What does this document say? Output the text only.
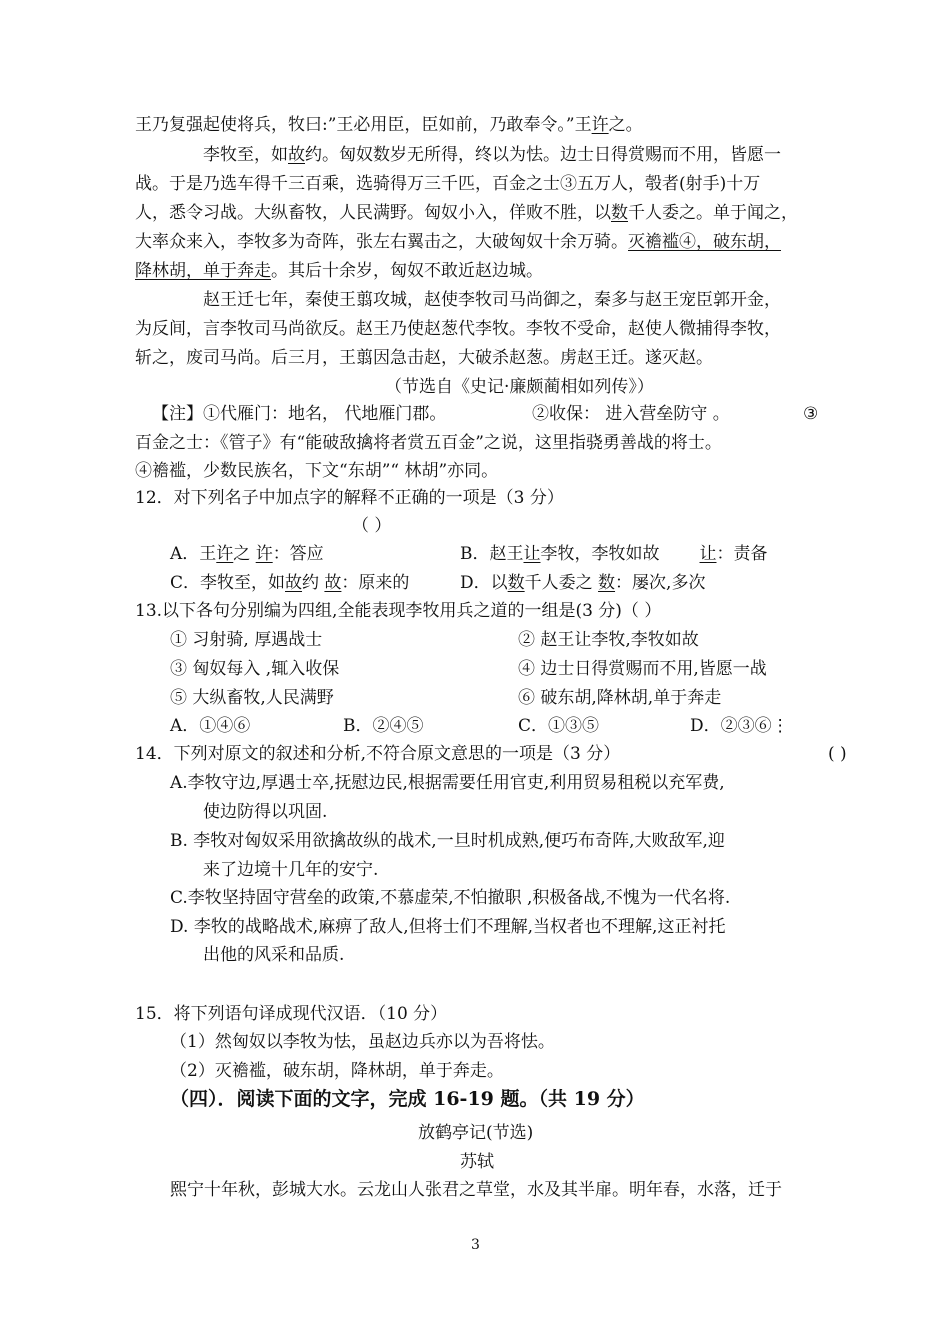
王乃复强起使将兵，牧曰:”王必用臣，臣如前，乃敢奉令。”王许之。
李牧至，如故约。匈奴数岁无所得，终以为怯。边士日得赏赐而不用，皆愿一
战。于是乃选车得千三百乘，选骑得万三千匹，百金之士③五万人，彀者(射手)十万
人，悉令习战。大纵畜牧，人民满野。匈奴小入，佯败不胜，以数千人委之。单于闻之，
大率众来入，李牧多为奇阵，张左右翼击之，大破匈奴十余万骑。灭襜褴④，破东胡，
降林胡，单于奔走。其后十余岁，匈奴不敢近赵边城。
赵王迁七年，秦使王翦攻城，赵使李牧司马尚御之，秦多与赵王宠臣郭开金，
为反间，言李牧司马尚欲反。赵王乃使赵葱代李牧。李牧不受命，赵使人微捕得李牧，
斩之，废司马尚。后三月，王翦因急击赵，大破杀赵葱。虏赵王迁。遂灭赵。
（节选自《史记·廉颇蔺相如列传》）
【注】①代雁门：地名， 代地雁门郡。	②收保： 进入营垒防守 。	③
百金之士：《管子》有“能破敌擒将者赏五百金”之说，这里指骁勇善战的将士。
④襜褴，少数民族名，下文“东胡”“ 林胡”亦同。
12．对下列名子中加点字的解释不正确的一项是（3 分）
（ ）
A．王许之 许：答应	B．赵王让李牧，李牧如故 让：责备
C．李牧至，如故约 故：原来的	D．以数千人委之 数：屡次,多次
13.以下各句分别编为四组,全能表现李牧用兵之道的一组是(3 分)（ ）
① 习射骑, 厚遇战士	② 赵王让李牧,李牧如故
③ 匈奴每入 ,辄入收保	④ 边士日得赏赐而不用,皆愿一战
⑤ 大纵畜牧,人民满野	⑥ 破东胡,降林胡,单于奔走
A．①④⑥	B．②④⑤	C．①③⑤	D．②③⑥⋮
14．下列对原文的叙述和分析,不符合原文意思的一项是（3 分）	( )
A.李牧守边,厚遇士卒,抚慰边民,根据需要任用官吏,利用贸易租税以充军费,
使边防得以巩固.
B. 李牧对匈奴采用欲擒故纵的战术,一旦时机成熟,便巧布奇阵,大败敌军,迎
来了边境十几年的安宁.
C.李牧坚持固守营垒的政策,不慕虚荣,不怕撤职 ,积极备战,不愧为一代名将.
D. 李牧的战略战术,麻痹了敌人,但将士们不理解,当权者也不理解,这正衬托
出他的风采和品质.
15．将下列语句译成现代汉语．（10 分）
（1）然匈奴以李牧为怯，虽赵边兵亦以为吾将怯。
（2）灭襜褴，破东胡，降林胡，单于奔走。
（四）．阅读下面的文字，完成 16-19 题。（共 19 分）
放鹤亭记(节选)
苏轼
熙宁十年秋，彭城大水。云龙山人张君之草堂，水及其半扉。明年春，水落，迁于
3
